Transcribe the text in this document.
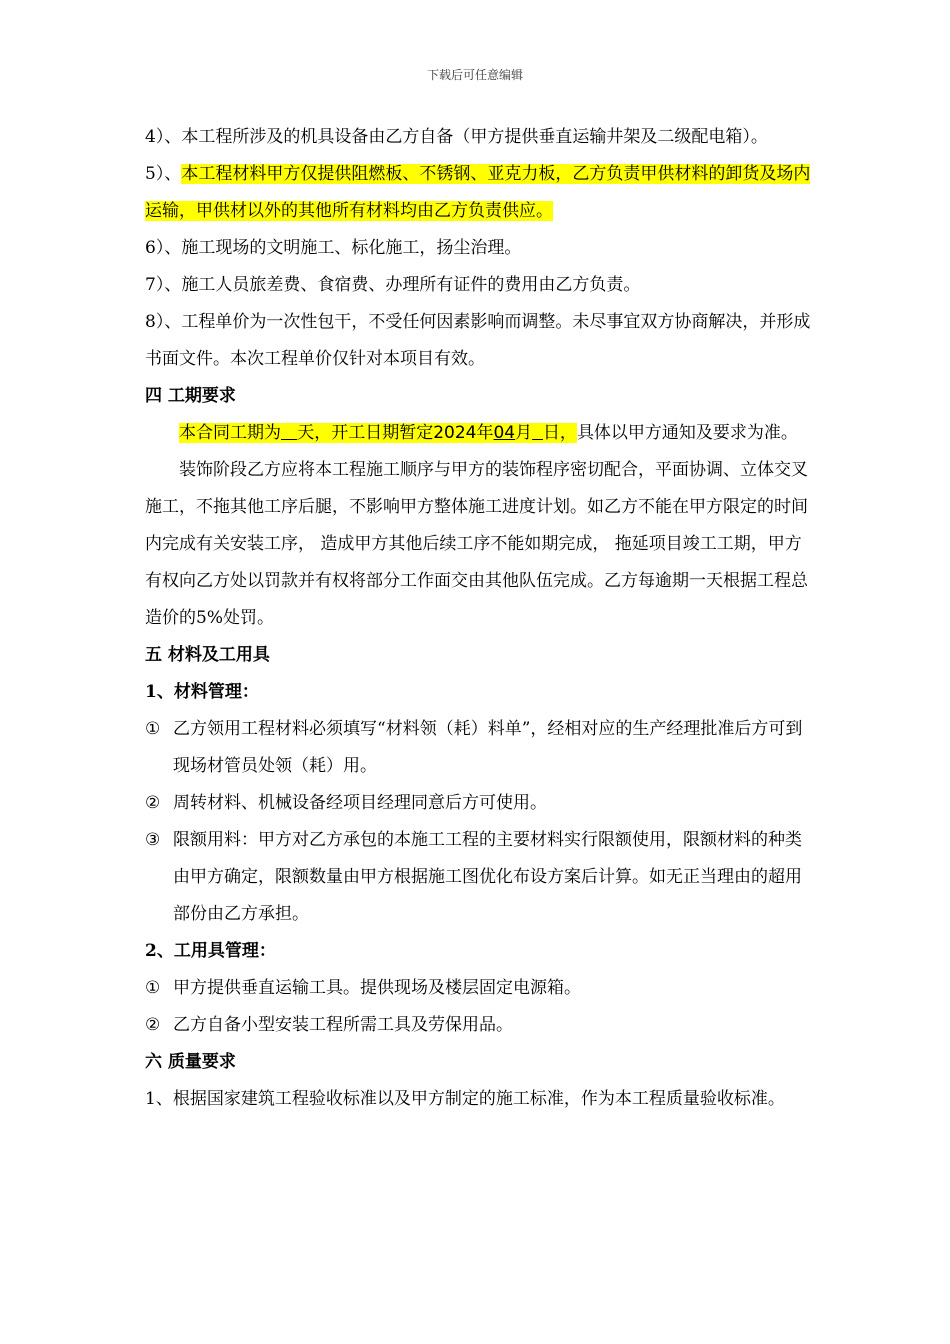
下载后可任意编辑

4）、本工程所涉及的机具设备由乙方自备（甲方提供垂直运输井架及二级配电箱）。

5）、本工程材料甲方仅提供阻燃板、不锈钢、亚克力板，乙方负责甲供材料的卸货及场内运输，甲供材以外的其他所有材料均由乙方负责供应。

6）、施工现场的文明施工、标化施工，扬尘治理。

7）、施工人员旅差费、食宿费、办理所有证件的费用由乙方负责。

8）、工程单价为一次性包干，不受任何因素影响而调整。未尽事宜双方协商解决，并形成书面文件。本次工程单价仅针对本项目有效。

四 工期要求

本合同工期为 天，开工日期暂定2024年04月 日，具体以甲方通知及要求为准。

装饰阶段乙方应将本工程施工顺序与甲方的装饰程序密切配合，平面协调、立体交叉施工，不拖其他工序后腿，不影响甲方整体施工进度计划。如乙方不能在甲方限定的时间内完成有关安装工序， 造成甲方其他后续工序不能如期完成， 拖延项目竣工工期，甲方有权向乙方处以罚款并有权将部分工作面交由其他队伍完成。乙方每逾期一天根据工程总造价的5%处罚。

五 材料及工用具

1、材料管理：

① 乙方领用工程材料必须填写“材料领（耗）料单”，经相对应的生产经理批准后方可到现场材管员处领（耗）用。
② 周转材料、机械设备经项目经理同意后方可使用。
③ 限额用料：甲方对乙方承包的本施工工程的主要材料实行限额使用，限额材料的种类由甲方确定，限额数量由甲方根据施工图优化布设方案后计算。如无正当理由的超用部份由乙方承担。

2、工用具管理：

① 甲方提供垂直运输工具。提供现场及楼层固定电源箱。
② 乙方自备小型安装工程所需工具及劳保用品。

六 质量要求

1、根据国家建筑工程验收标准以及甲方制定的施工标准，作为本工程质量验收标准。
